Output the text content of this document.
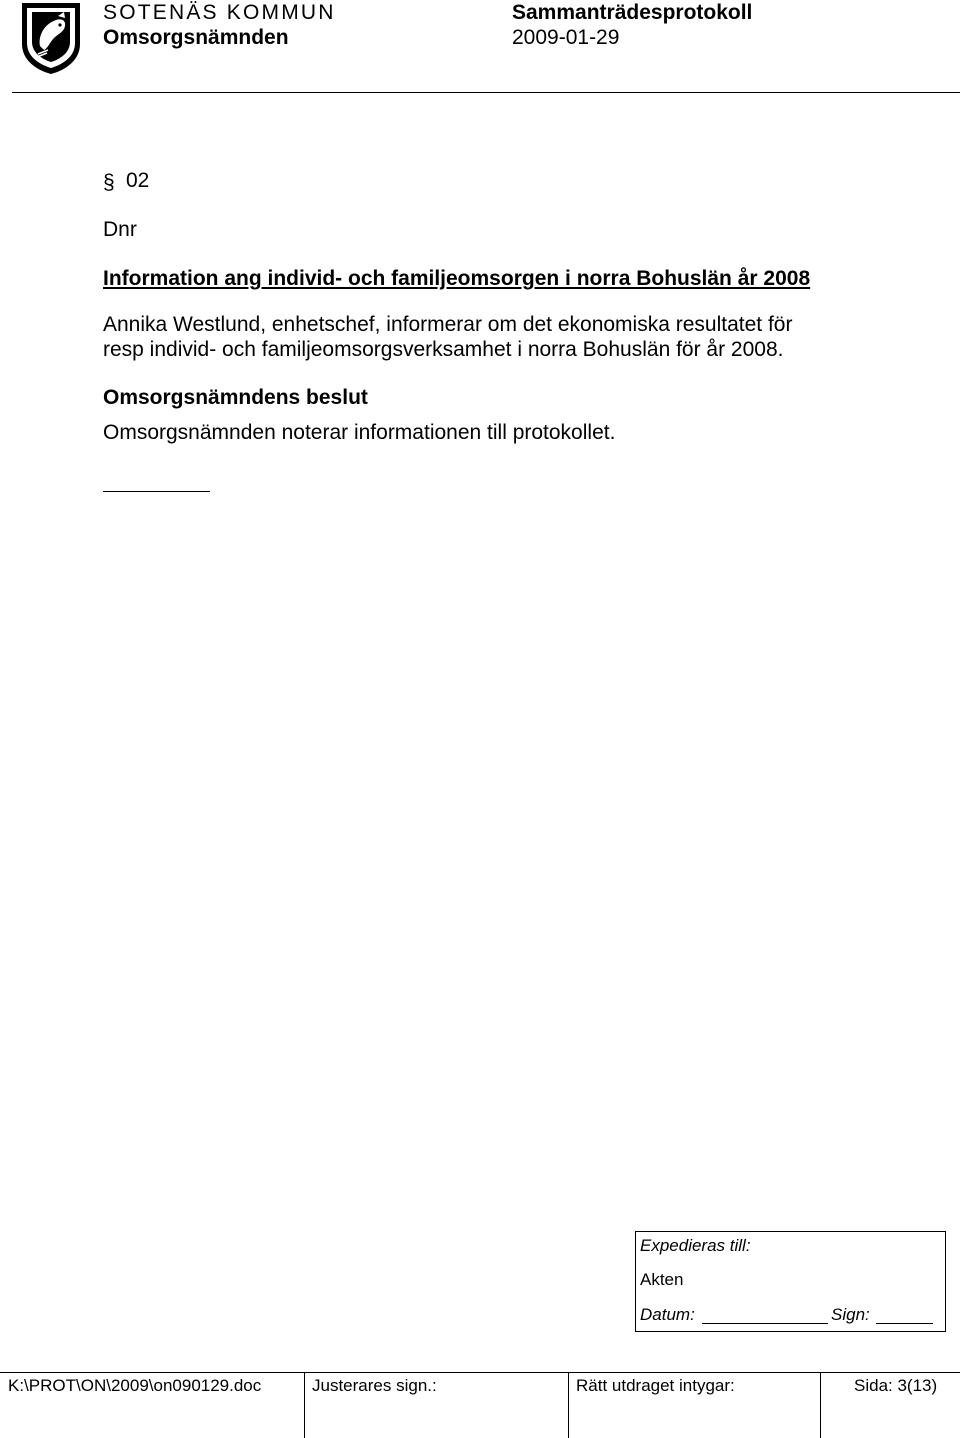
SOTENÄS KOMMUN
Omsorgsnämnden
Sammanträdesprotokoll
2009-01-29
§ 02
Dnr
Information ang individ- och familjeomsorgen i norra Bohuslän år 2008
Annika Westlund, enhetschef, informerar om det ekonomiska resultatet för
resp individ- och familjeomsorgsverksamhet i norra Bohuslän för år 2008.
Omsorgsnämndens beslut
Omsorgsnämnden noterar informationen till protokollet.
Expedieras till:
Akten
Datum:	Sign:
K:\PROT\ON\2009\on090129.doc	Justerares sign.:	Rätt utdraget intygar:	Sida: 3(13)
